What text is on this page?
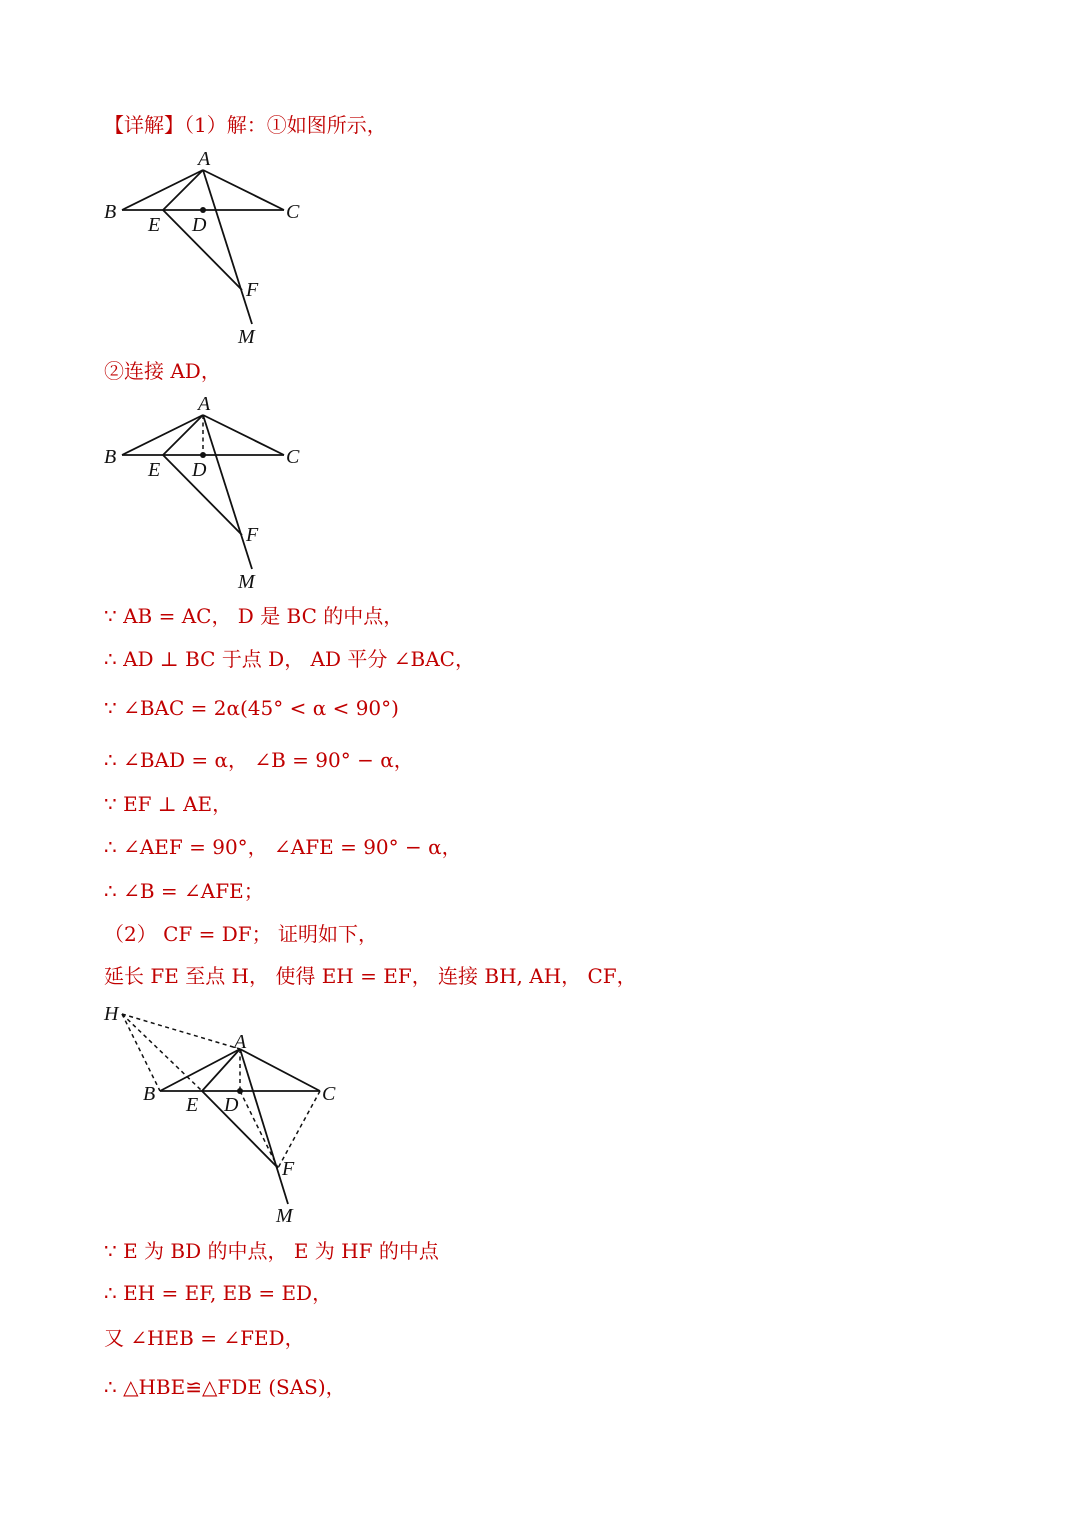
【详解】（1）解：①如图所示，
A
B	C
D
E
F
M
②连接 AD，
A
B	C
D
E
F
M
∵ AB = AC， D 是 BC 的中点，
∴ AD ⊥ BC 于点 D， AD 平分 ∠BAC，
∵ ∠BAC = 2α(45° < α < 90°)
∴ ∠BAD = α， ∠B = 90° − α，
∵ EF ⊥ AE，
∴ ∠AEF = 90°， ∠AFE = 90° − α，
∴ ∠B = ∠AFE；
（2） CF = DF； 证明如下，
延长 FE 至点 H， 使得 EH = EF， 连接 BH, AH， CF，
H
A
B	C
D
E
F
M
∵ E 为 BD 的中点， E 为 HF 的中点
∴ EH = EF, EB = ED，
又 ∠HEB = ∠FED，
∴ △HBE≌△FDE (SAS)，
